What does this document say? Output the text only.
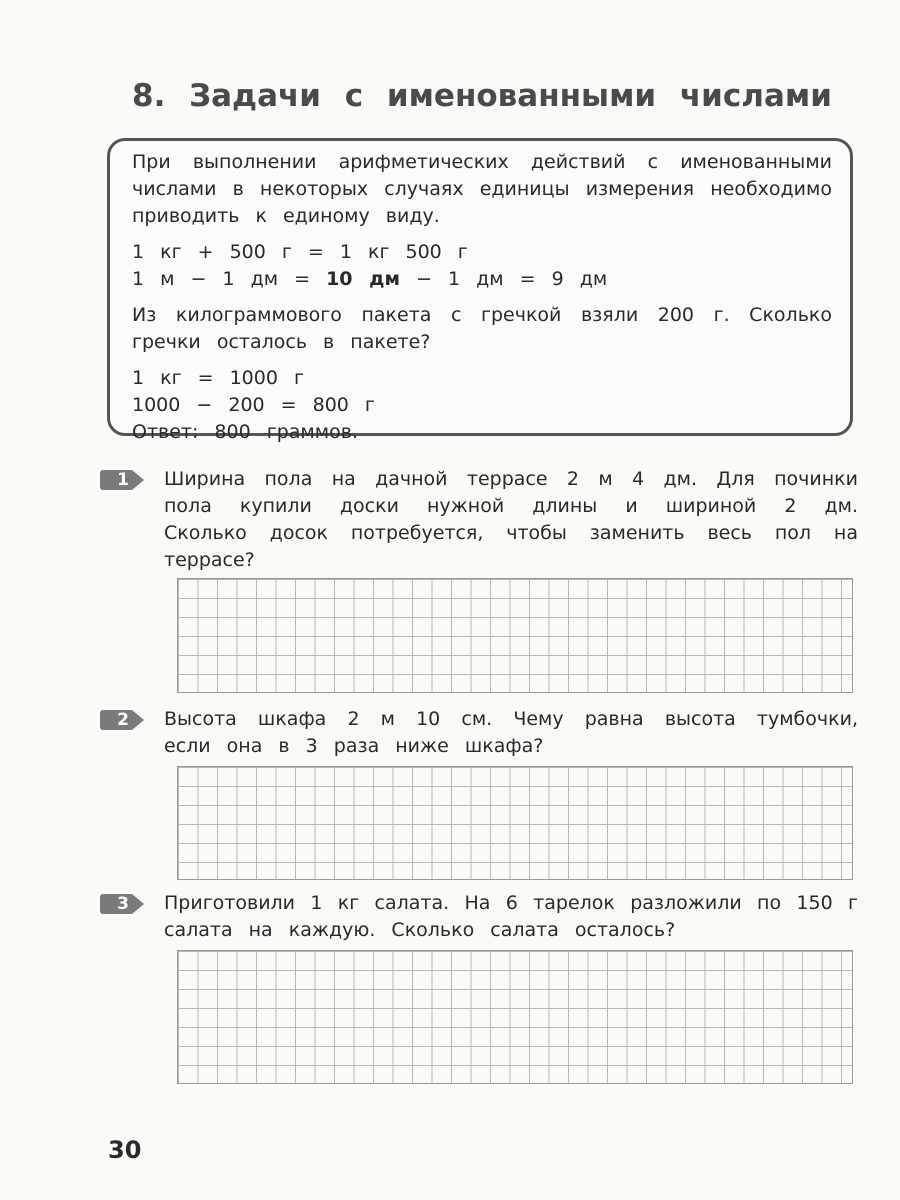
8. Задачи с именованными числами
При выполнении арифметических действий с именованными
числами в некоторых случаях единицы измерения необходимо
приводить к единому виду.
1 кг + 500 г = 1 кг 500 г
1 м − 1 дм = 10 дм − 1 дм = 9 дм
Из килограммового пакета с гречкой взяли 200 г. Сколько
гречки осталось в пакете?
1 кг = 1000 г
1000 − 200 = 800 г
Ответ: 800 граммов.
1 Ширина пола на дачной террасе 2 м 4 дм. Для починки
пола купили доски нужной длины и шириной 2 дм.
Сколько досок потребуется, чтобы заменить весь пол на
террасе?
2 Высота шкафа 2 м 10 см. Чему равна высота тумбочки,
если она в 3 раза ниже шкафа?
3 Приготовили 1 кг салата. На 6 тарелок разложили по 150 г
салата на каждую. Сколько салата осталось?
30
